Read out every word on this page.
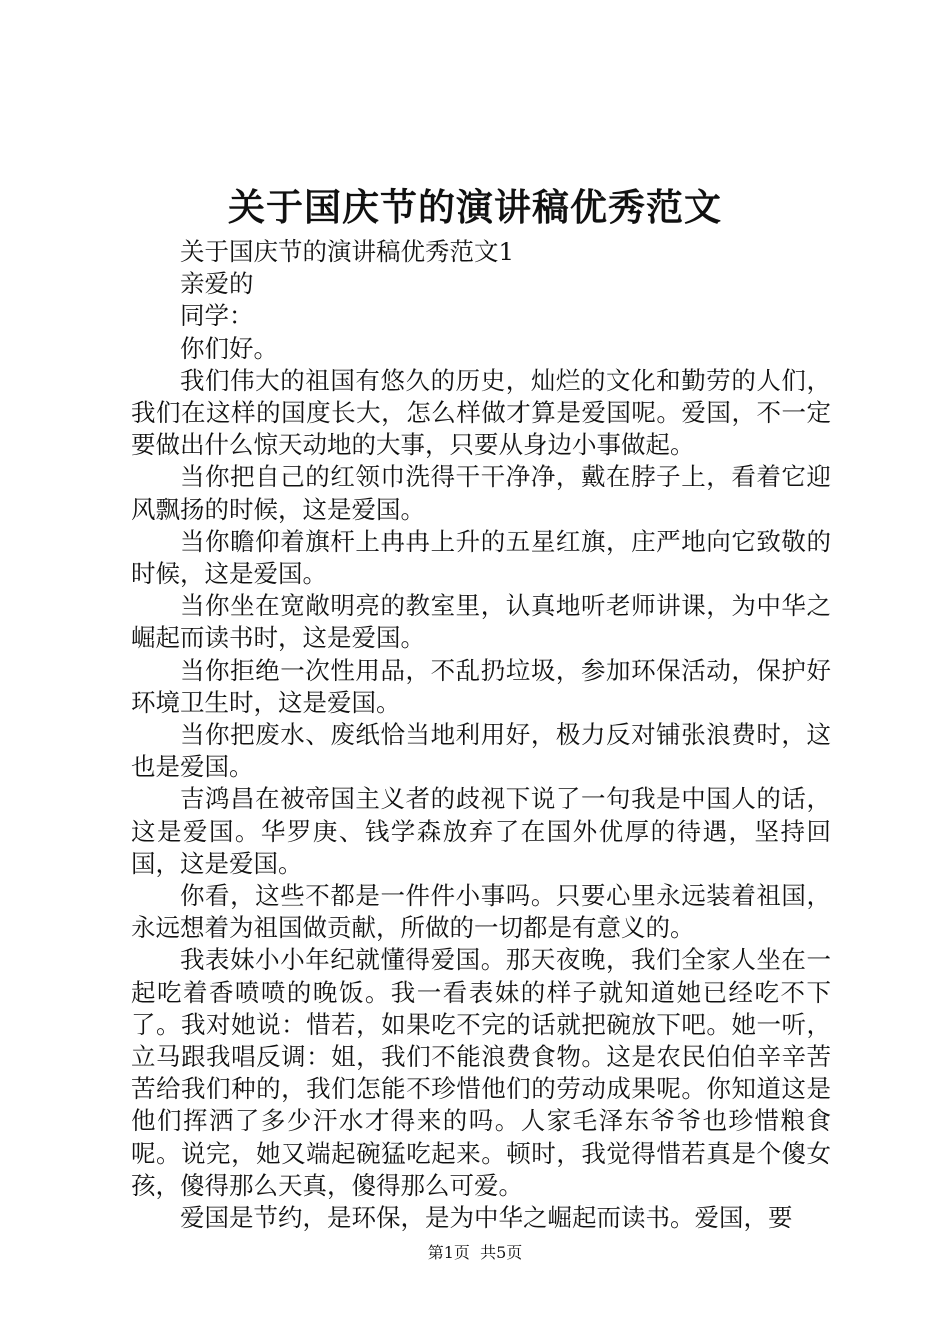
关于国庆节的演讲稿优秀范文

关于国庆节的演讲稿优秀范文1

亲爱的

同学：

你们好。

我们伟大的祖国有悠久的历史，灿烂的文化和勤劳的人们，我们在这样的国度长大，怎么样做才算是爱国呢。爱国，不一定要做出什么惊天动地的大事，只要从身边小事做起。

当你把自己的红领巾洗得干干净净，戴在脖子上，看着它迎风飘扬的时候，这是爱国。

当你瞻仰着旗杆上冉冉上升的五星红旗，庄严地向它致敬的时候，这是爱国。

当你坐在宽敞明亮的教室里，认真地听老师讲课，为中华之崛起而读书时，这是爱国。

当你拒绝一次性用品，不乱扔垃圾，参加环保活动，保护好环境卫生时，这是爱国。

当你把废水、废纸恰当地利用好，极力反对铺张浪费时，这也是爱国。

吉鸿昌在被帝国主义者的歧视下说了一句我是中国人的话，这是爱国。华罗庚、钱学森放弃了在国外优厚的待遇，坚持回国，这是爱国。

你看，这些不都是一件件小事吗。只要心里永远装着祖国，永远想着为祖国做贡献，所做的一切都是有意义的。

我表妹小小年纪就懂得爱国。那天夜晚，我们全家人坐在一起吃着香喷喷的晚饭。我一看表妹的样子就知道她已经吃不下了。我对她说：惜若，如果吃不完的话就把碗放下吧。她一听，立马跟我唱反调：姐，我们不能浪费食物。这是农民伯伯辛辛苦苦给我们种的，我们怎能不珍惜他们的劳动成果呢。你知道这是他们挥洒了多少汗水才得来的吗。人家毛泽东爷爷也珍惜粮食呢。说完，她又端起碗猛吃起来。顿时，我觉得惜若真是个傻女孩，傻得那么天真，傻得那么可爱。

爱国是节约，是环保，是为中华之崛起而读书。爱国，要

第1页  共5页
